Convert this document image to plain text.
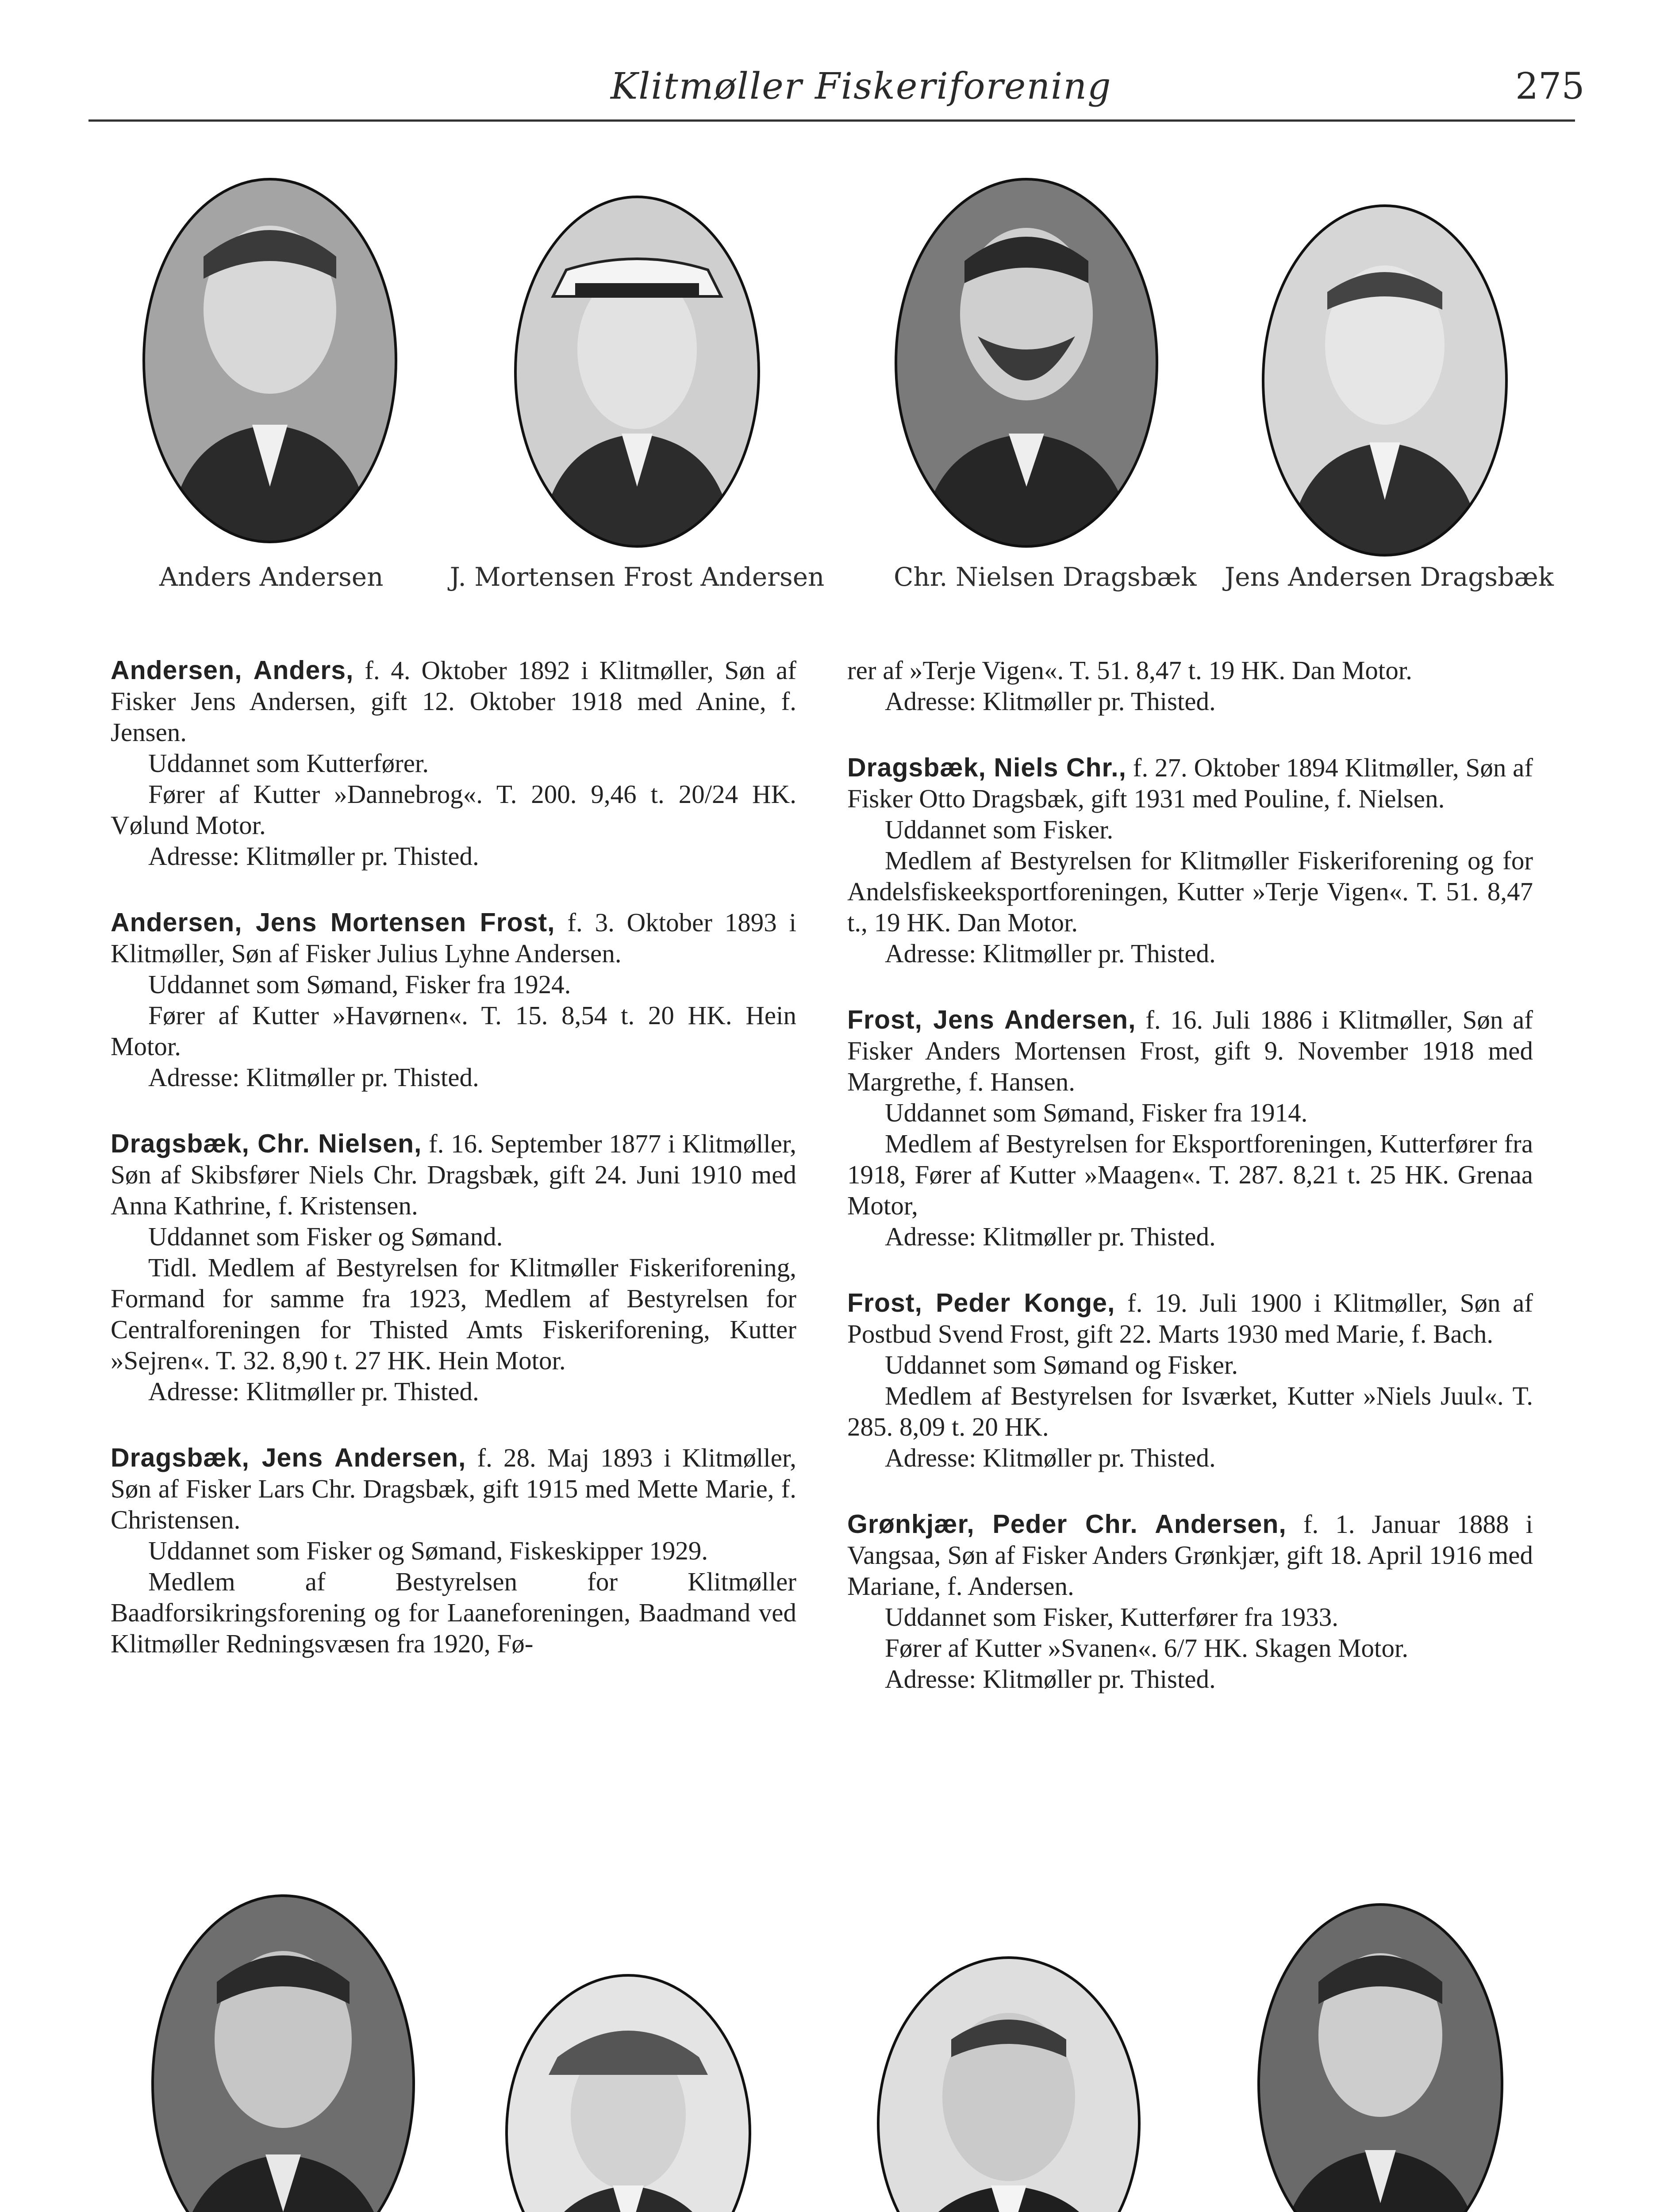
Klitmøller Fiskeriforening	275
Anders Andersen	J. Mortensen Frost Andersen	Chr. Nielsen Dragsbæk Jens Andersen Dragsbæk

Andersen, Anders, f. 4. Oktober 1892 i Klitmøller, Søn af Fisker Jens Andersen, gift 12. Oktober 1918 med Anine, f. Jensen.

Uddannet som Kutterfører.

Fører af Kutter »Dannebrog«. T. 200. 9,46 t. 20/24 HK. Vølund Motor.

Adresse: Klitmøller pr. Thisted.

Andersen, Jens Mortensen Frost, f. 3. Oktober 1893 i Klitmøller, Søn af Fisker Julius Lyhne Andersen.

Uddannet som Sømand, Fisker fra 1924.

Fører af Kutter »Havørnen«. T. 15. 8,54 t. 20 HK. Hein Motor.

Adresse: Klitmøller pr. Thisted.

Dragsbæk, Chr. Nielsen, f. 16. September 1877 i Klitmøller, Søn af Skibsfører Niels Chr. Dragsbæk, gift 24. Juni 1910 med Anna Kathrine, f. Kristensen.

Uddannet som Fisker og Sømand.

Tidl. Medlem af Bestyrelsen for Klitmøller Fiskeriforening, Formand for samme fra 1923, Medlem af Bestyrelsen for Centralforeningen for Thisted Amts Fiskeriforening, Kutter »Sejren«. T. 32. 8,90 t. 27 HK. Hein Motor.

Adresse: Klitmøller pr. Thisted.

Dragsbæk, Jens Andersen, f. 28. Maj 1893 i Klitmøller, Søn af Fisker Lars Chr. Dragsbæk, gift 1915 med Mette Marie, f. Christensen.

Uddannet som Fisker og Sømand, Fiskeskipper 1929.

Medlem af Bestyrelsen for Klitmøller Baadforsikringsforening og for Laaneforeningen, Baadmand ved Klitmøller Redningsvæsen fra 1920, Fø-

rer af »Terje Vigen«. T. 51. 8,47 t. 19 HK. Dan Motor.

Adresse: Klitmøller pr. Thisted.

Dragsbæk, Niels Chr., f. 27. Oktober 1894 Klitmøller, Søn af Fisker Otto Dragsbæk, gift 1931 med Pouline, f. Nielsen.

Uddannet som Fisker.

Medlem af Bestyrelsen for Klitmøller Fiskeriforening og for Andelsfiskeeksportforeningen, Kutter »Terje Vigen«. T. 51. 8,47 t., 19 HK. Dan Motor.

Adresse: Klitmøller pr. Thisted.

Frost, Jens Andersen, f. 16. Juli 1886 i Klitmøller, Søn af Fisker Anders Mortensen Frost, gift 9. November 1918 med Margrethe, f. Hansen.

Uddannet som Sømand, Fisker fra 1914.

Medlem af Bestyrelsen for Eksportforeningen, Kutterfører fra 1918, Fører af Kutter »Maagen«. T. 287. 8,21 t. 25 HK. Grenaa Motor,

Adresse: Klitmøller pr. Thisted.

Frost, Peder Konge, f. 19. Juli 1900 i Klitmøller, Søn af Postbud Svend Frost, gift 22. Marts 1930 med Marie, f. Bach.

Uddannet som Sømand og Fisker.

Medlem af Bestyrelsen for Isværket, Kutter »Niels Juul«. T. 285. 8,09 t. 20 HK.

Adresse: Klitmøller pr. Thisted.

Grønkjær, Peder Chr. Andersen, f. 1. Januar 1888 i Vangsaa, Søn af Fisker Anders Grønkjær, gift 18. April 1916 med Mariane, f. Andersen.

Uddannet som Fisker, Kutterfører fra 1933.

Fører af Kutter »Svanen«. 6/7 HK. Skagen Motor.

Adresse: Klitmøller pr. Thisted.
